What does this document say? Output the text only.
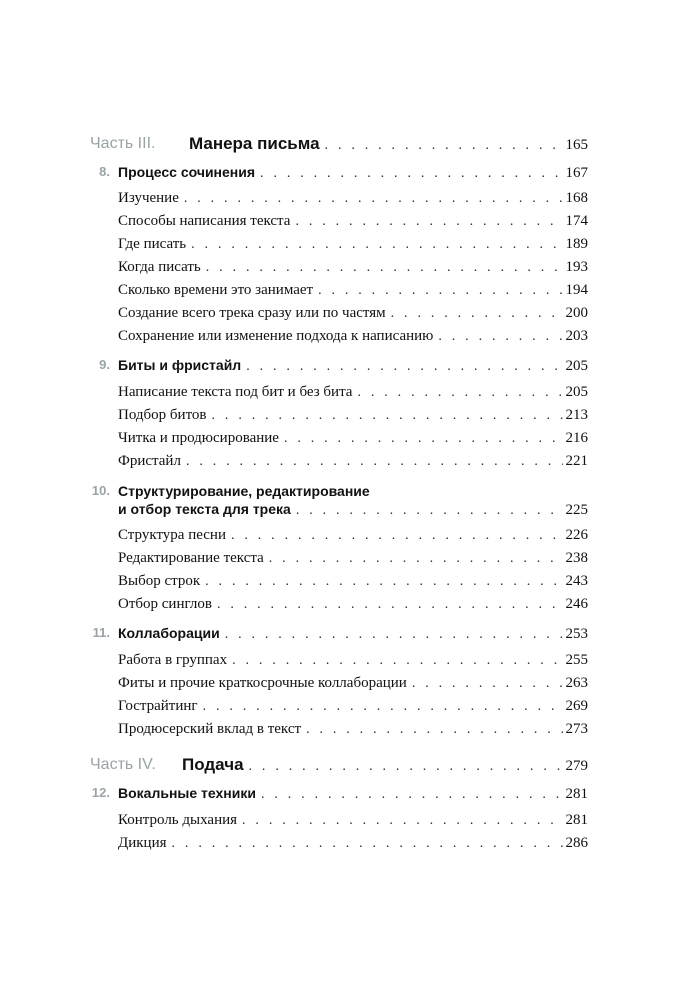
Часть III. Манера письма . . .	165
8. Процесс сочинения . . .	167
Изучение . . .	168
Способы написания текста . . .	174
Где писать . . .	189
Когда писать . . .	193
Сколько времени это занимает . . .	194
Создание всего трека сразу или по частям . . .	200
Сохранение или изменение подхода к написанию . . .	203
9. Биты и фристайл . . .	205
Написание текста под бит и без бита . . .	205
Подбор битов . . .	213
Читка и продюсирование . . .	216
Фристайл . . .	221
10. Структурирование, редактирование
и отбор текста для трека . . .	225
Структура песни . . .	226
Редактирование текста . . .	238
Выбор строк . . .	243
Отбор синглов . . .	246
11. Коллаборации . . .	253
Работа в группах . . .	255
Фиты и прочие краткосрочные коллаборации . . .	263
Гострайтинг . . .	269
Продюсерский вклад в текст . . .	273
Часть IV. Подача . . .	279
12. Вокальные техники . . .	281
Контроль дыхания . . .	281
Дикция . . .	286
